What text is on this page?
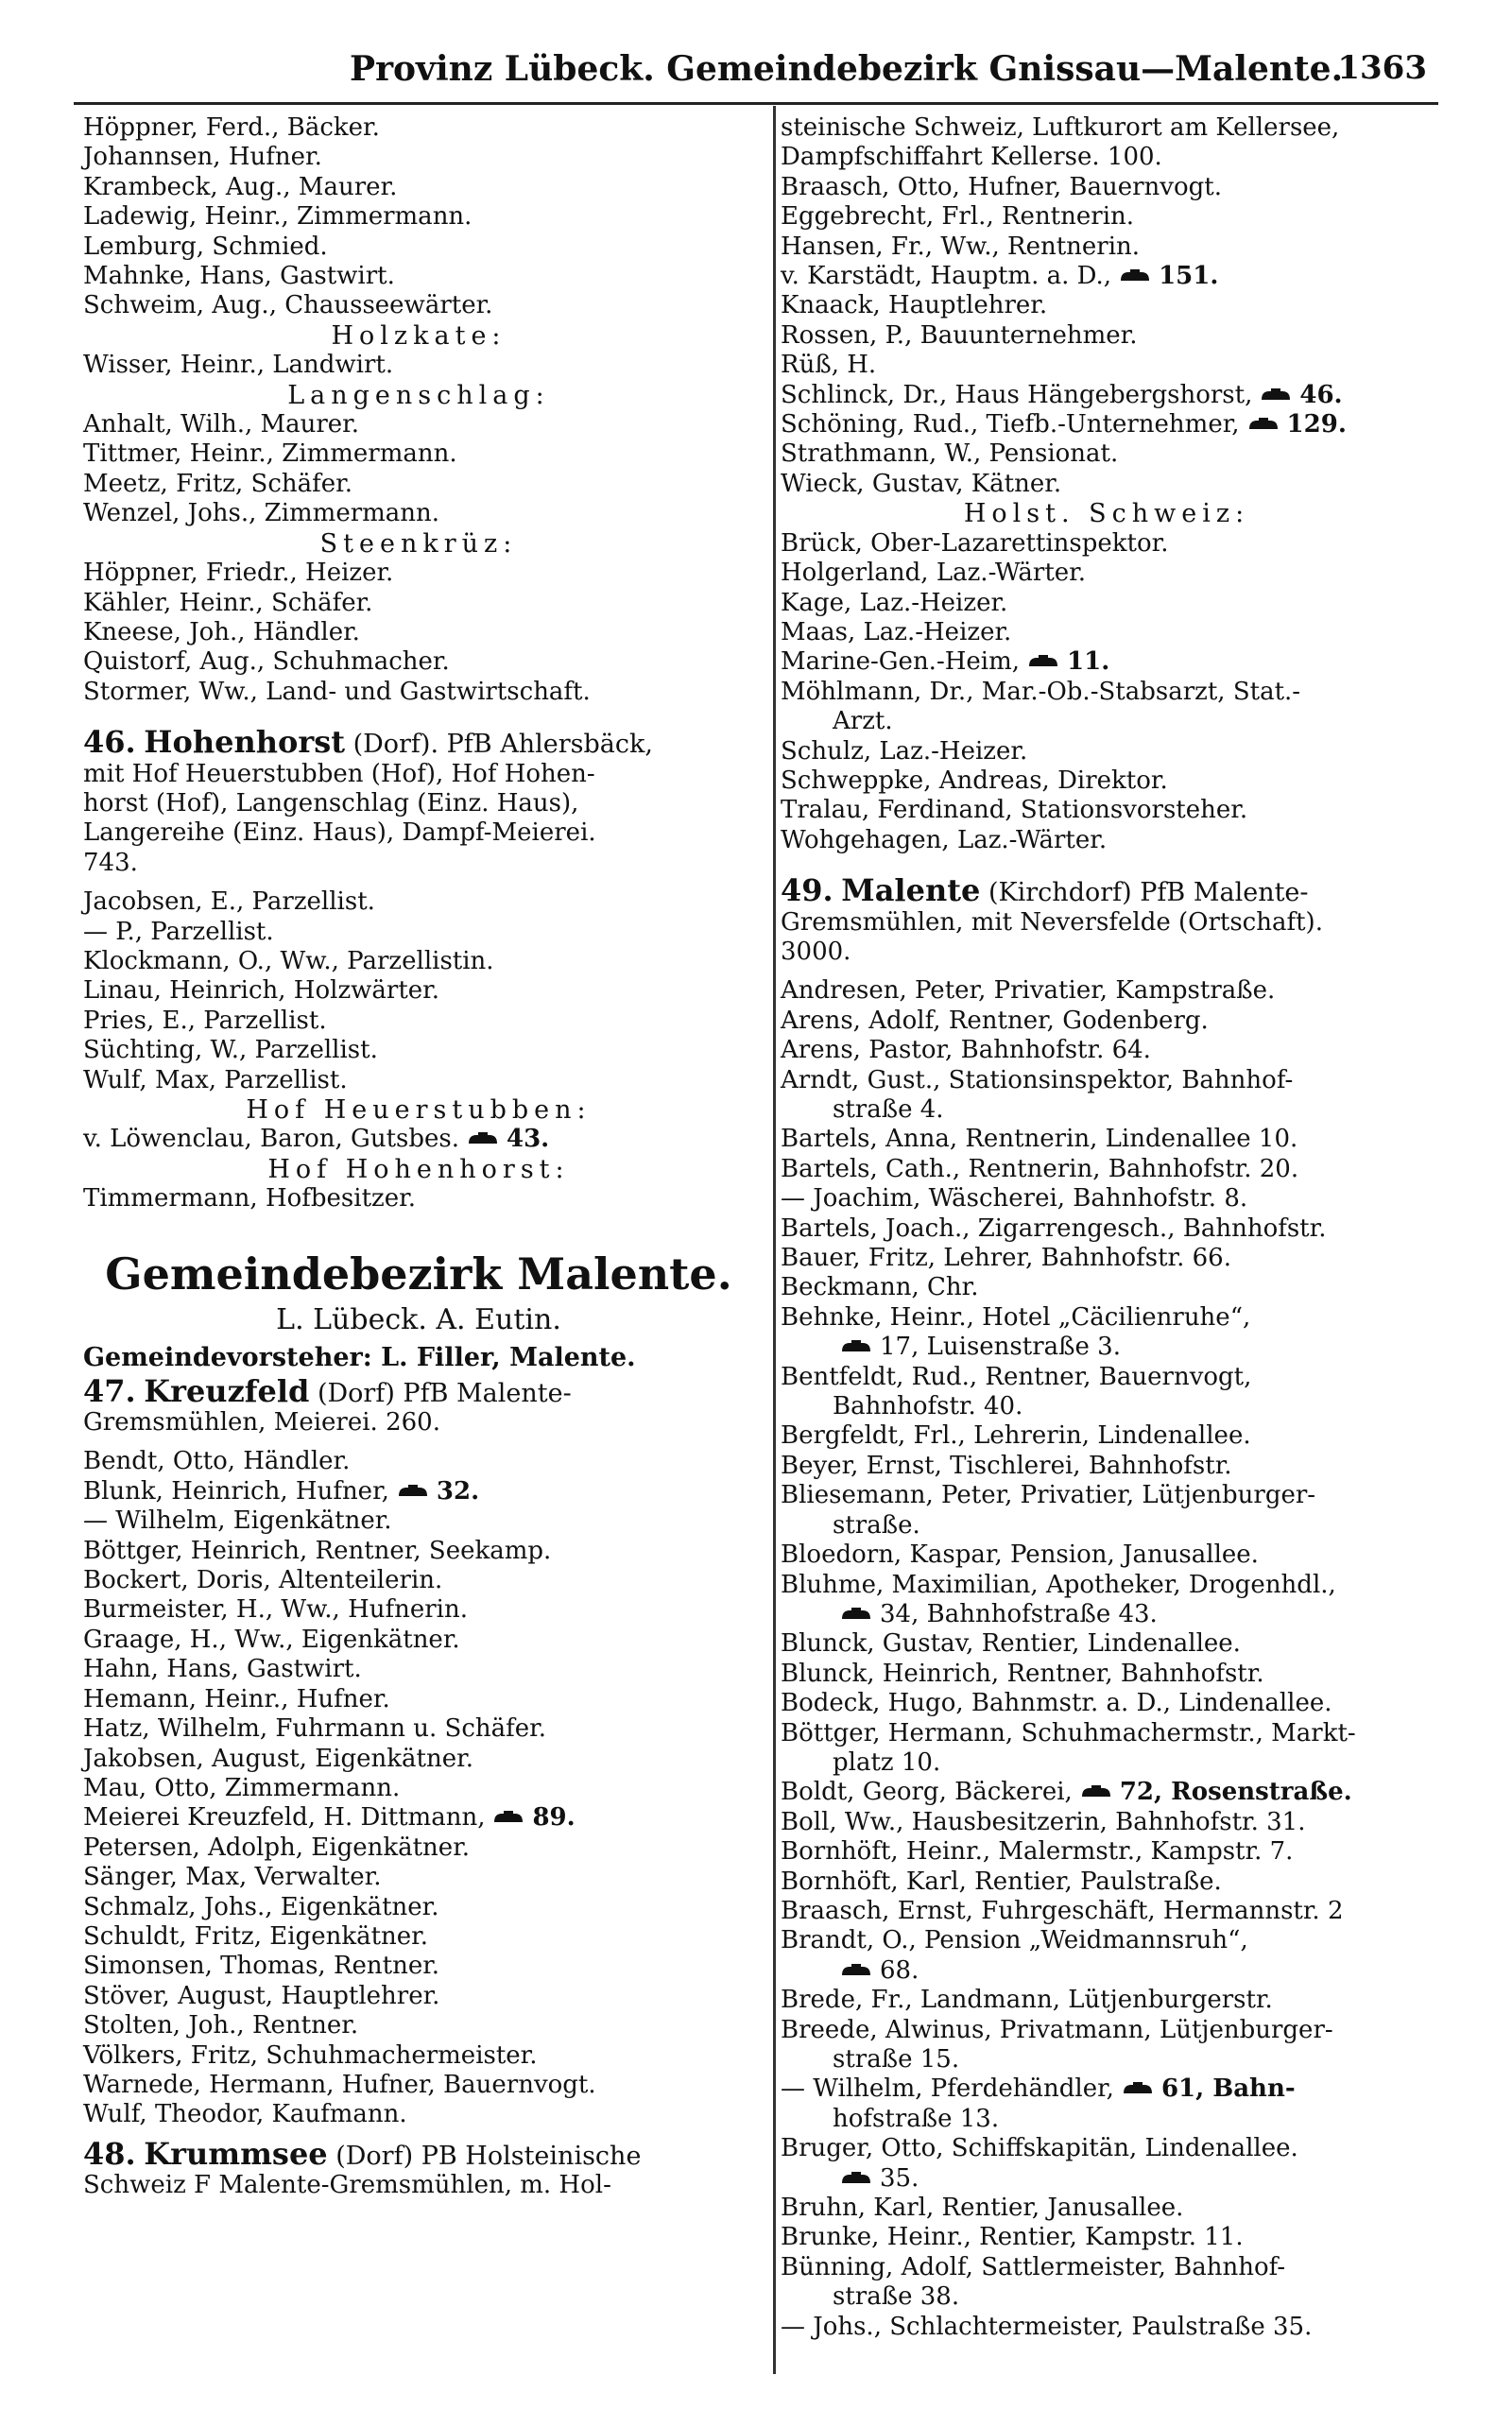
Provinz Lübeck. Gemeindebezirk Gnissau—Malente.
1363
Höppner, Ferd., Bäcker.
Johannsen, Hufner.
Krambeck, Aug., Maurer.
Ladewig, Heinr., Zimmermann.
Lemburg, Schmied.
Mahnke, Hans, Gastwirt.
Schweim, Aug., Chausseewärter.
Holzkate:
Wisser, Heinr., Landwirt.
Langenschlag:
Anhalt, Wilh., Maurer.
Tittmer, Heinr., Zimmermann.
Meetz, Fritz, Schäfer.
Wenzel, Johs., Zimmermann.
Steenkrüz:
Höppner, Friedr., Heizer.
Kähler, Heinr., Schäfer.
Kneese, Joh., Händler.
Quistorf, Aug., Schuhmacher.
Stormer, Ww., Land- und Gastwirtschaft.
46. Hohenhorst (Dorf). PfB Ahlersbäck,
mit Hof Heuerstubben (Hof), Hof Hohen-
horst (Hof), Langenschlag (Einz. Haus),
Langereihe (Einz. Haus), Dampf-Meierei.
743.
Jacobsen, E., Parzellist.
— P., Parzellist.
Klockmann, O., Ww., Parzellistin.
Linau, Heinrich, Holzwärter.
Pries, E., Parzellist.
Süchting, W., Parzellist.
Wulf, Max, Parzellist.
Hof Heuerstubben:
v. Löwenclau, Baron, Gutsbes. 43.
Hof Hohenhorst:
Timmermann, Hofbesitzer.
Gemeindebezirk Malente.
L. Lübeck. A. Eutin.
Gemeindevorsteher: L. Filler, Malente.
47. Kreuzfeld (Dorf) PfB Malente-
Gremsmühlen, Meierei. 260.
Bendt, Otto, Händler.
Blunk, Heinrich, Hufner, 32.
— Wilhelm, Eigenkätner.
Böttger, Heinrich, Rentner, Seekamp.
Bockert, Doris, Altenteilerin.
Burmeister, H., Ww., Hufnerin.
Graage, H., Ww., Eigenkätner.
Hahn, Hans, Gastwirt.
Hemann, Heinr., Hufner.
Hatz, Wilhelm, Fuhrmann u. Schäfer.
Jakobsen, August, Eigenkätner.
Mau, Otto, Zimmermann.
Meierei Kreuzfeld, H. Dittmann, 89.
Petersen, Adolph, Eigenkätner.
Sänger, Max, Verwalter.
Schmalz, Johs., Eigenkätner.
Schuldt, Fritz, Eigenkätner.
Simonsen, Thomas, Rentner.
Stöver, August, Hauptlehrer.
Stolten, Joh., Rentner.
Völkers, Fritz, Schuhmachermeister.
Warnede, Hermann, Hufner, Bauernvogt.
Wulf, Theodor, Kaufmann.
48. Krummsee (Dorf) PB Holsteinische
Schweiz F Malente-Gremsmühlen, m. Hol-
steinische Schweiz, Luftkurort am Kellersee,
Dampfschiffahrt Kellerse. 100.
Braasch, Otto, Hufner, Bauernvogt.
Eggebrecht, Frl., Rentnerin.
Hansen, Fr., Ww., Rentnerin.
v. Karstädt, Hauptm. a. D., 151.
Knaack, Hauptlehrer.
Rossen, P., Bauunternehmer.
Rüß, H.
Schlinck, Dr., Haus Hängebergshorst, 46.
Schöning, Rud., Tiefb.-Unternehmer, 129.
Strathmann, W., Pensionat.
Wieck, Gustav, Kätner.
Holst. Schweiz:
Brück, Ober-Lazarettinspektor.
Holgerland, Laz.-Wärter.
Kage, Laz.-Heizer.
Maas, Laz.-Heizer.
Marine-Gen.-Heim, 11.
Möhlmann, Dr., Mar.-Ob.-Stabsarzt, Stat.-
Arzt.
Schulz, Laz.-Heizer.
Schweppke, Andreas, Direktor.
Tralau, Ferdinand, Stationsvorsteher.
Wohgehagen, Laz.-Wärter.
49. Malente (Kirchdorf) PfB Malente-
Gremsmühlen, mit Neversfelde (Ortschaft).
3000.
Andresen, Peter, Privatier, Kampstraße.
Arens, Adolf, Rentner, Godenberg.
Arens, Pastor, Bahnhofstr. 64.
Arndt, Gust., Stationsinspektor, Bahnhof-
straße 4.
Bartels, Anna, Rentnerin, Lindenallee 10.
Bartels, Cath., Rentnerin, Bahnhofstr. 20.
— Joachim, Wäscherei, Bahnhofstr. 8.
Bartels, Joach., Zigarrengesch., Bahnhofstr.
Bauer, Fritz, Lehrer, Bahnhofstr. 66.
Beckmann, Chr.
Behnke, Heinr., Hotel „Cäcilienruhe“,
17, Luisenstraße 3.
Bentfeldt, Rud., Rentner, Bauernvogt,
Bahnhofstr. 40.
Bergfeldt, Frl., Lehrerin, Lindenallee.
Beyer, Ernst, Tischlerei, Bahnhofstr.
Bliesemann, Peter, Privatier, Lütjenburger-
straße.
Bloedorn, Kaspar, Pension, Janusallee.
Bluhme, Maximilian, Apotheker, Drogenhdl.,
34, Bahnhofstraße 43.
Blunck, Gustav, Rentier, Lindenallee.
Blunck, Heinrich, Rentner, Bahnhofstr.
Bodeck, Hugo, Bahnmstr. a. D., Lindenallee.
Böttger, Hermann, Schuhmachermstr., Markt-
platz 10.
Boldt, Georg, Bäckerei, 72, Rosenstraße.
Boll, Ww., Hausbesitzerin, Bahnhofstr. 31.
Bornhöft, Heinr., Malermstr., Kampstr. 7.
Bornhöft, Karl, Rentier, Paulstraße.
Braasch, Ernst, Fuhrgeschäft, Hermannstr. 2
Brandt, O., Pension „Weidmannsruh“,
68.
Brede, Fr., Landmann, Lütjenburgerstr.
Breede, Alwinus, Privatmann, Lütjenburger-
straße 15.
— Wilhelm, Pferdehändler, 61, Bahn-
hofstraße 13.
Bruger, Otto, Schiffskapitän, Lindenallee.
35.
Bruhn, Karl, Rentier, Janusallee.
Brunke, Heinr., Rentier, Kampstr. 11.
Bünning, Adolf, Sattlermeister, Bahnhof-
straße 38.
— Johs., Schlachtermeister, Paulstraße 35.
